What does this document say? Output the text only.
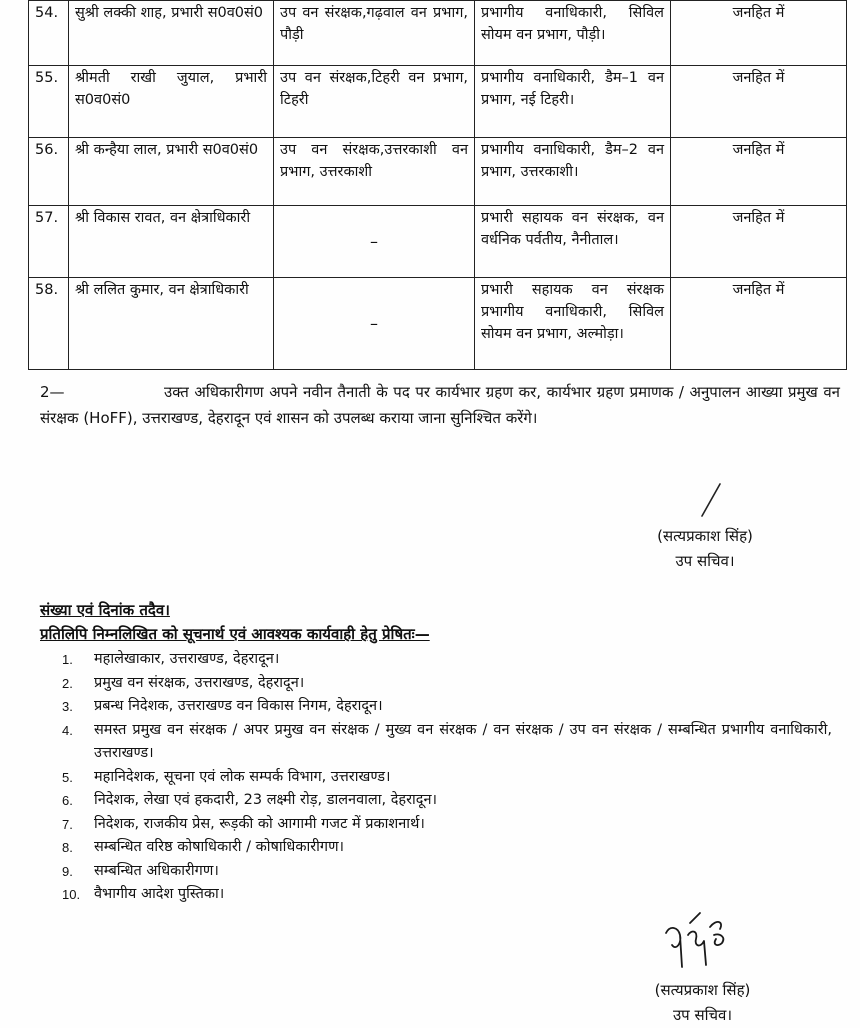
54.	सुश्री लक्की शाह, प्रभारी स0व0सं0	उप वन संरक्षक,गढ़वाल वन प्रभाग, पौड़ी	प्रभागीय वनाधिकारी, सिविल सोयम वन प्रभाग, पौड़ी।	जनहित में
55.	श्रीमती राखी जुयाल, प्रभारी स0व0सं0	उप वन संरक्षक,टिहरी वन प्रभाग, टिहरी	प्रभागीय वनाधिकारी, डैम–1 वन प्रभाग, नई टिहरी।	जनहित में
56.	श्री कन्हैया लाल, प्रभारी स0व0सं0	उप वन संरक्षक,उत्तरकाशी वन प्रभाग, उत्तरकाशी	प्रभागीय वनाधिकारी, डैम–2 वन प्रभाग, उत्तरकाशी।	जनहित में
57.	श्री विकास रावत, वन क्षेत्राधिकारी	–	प्रभारी सहायक वन संरक्षक, वन वर्धनिक पर्वतीय, नैनीताल।	जनहित में
58.	श्री ललित कुमार, वन क्षेत्राधिकारी	–	प्रभारी सहायक वन संरक्षक प्रभागीय वनाधिकारी, सिविल सोयम वन प्रभाग, अल्मोड़ा।	जनहित में
2—	उक्त अधिकारीगण अपने नवीन तैनाती के पद पर कार्यभार ग्रहण कर, कार्यभार ग्रहण प्रमाणक / अनुपालन आख्या प्रमुख वन संरक्षक (HoFF), उत्तराखण्ड, देहरादून एवं शासन को उपलब्ध कराया जाना सुनिश्चित करेंगे।
(सत्यप्रकाश सिंह)
उप सचिव।
संख्या एवं दिनांक तदैव।
प्रतिलिपि निम्नलिखित को सूचनार्थ एवं आवश्यक कार्यवाही हेतु प्रेषितः—
1.	महालेखाकार, उत्तराखण्ड, देहरादून।
2.	प्रमुख वन संरक्षक, उत्तराखण्ड, देहरादून।
3.	प्रबन्ध निदेशक, उत्तराखण्ड वन विकास निगम, देहरादून।
4.	समस्त प्रमुख वन संरक्षक / अपर प्रमुख वन संरक्षक / मुख्य वन संरक्षक / वन संरक्षक / उप वन संरक्षक / सम्बन्धित प्रभागीय वनाधिकारी, उत्तराखण्ड।
5.	महानिदेशक, सूचना एवं लोक सम्पर्क विभाग, उत्तराखण्ड।
6.	निदेशक, लेखा एवं हकदारी, 23 लक्ष्मी रोड़, डालनवाला, देहरादून।
7.	निदेशक, राजकीय प्रेस, रूड़की को आगामी गजट में प्रकाशनार्थ।
8.	सम्बन्धित वरिष्ठ कोषाधिकारी / कोषाधिकारीगण।
9.	सम्बन्धित अधिकारीगण।
10. वैभागीय आदेश पुस्तिका।
(सत्यप्रकाश सिंह)
उप सचिव।
